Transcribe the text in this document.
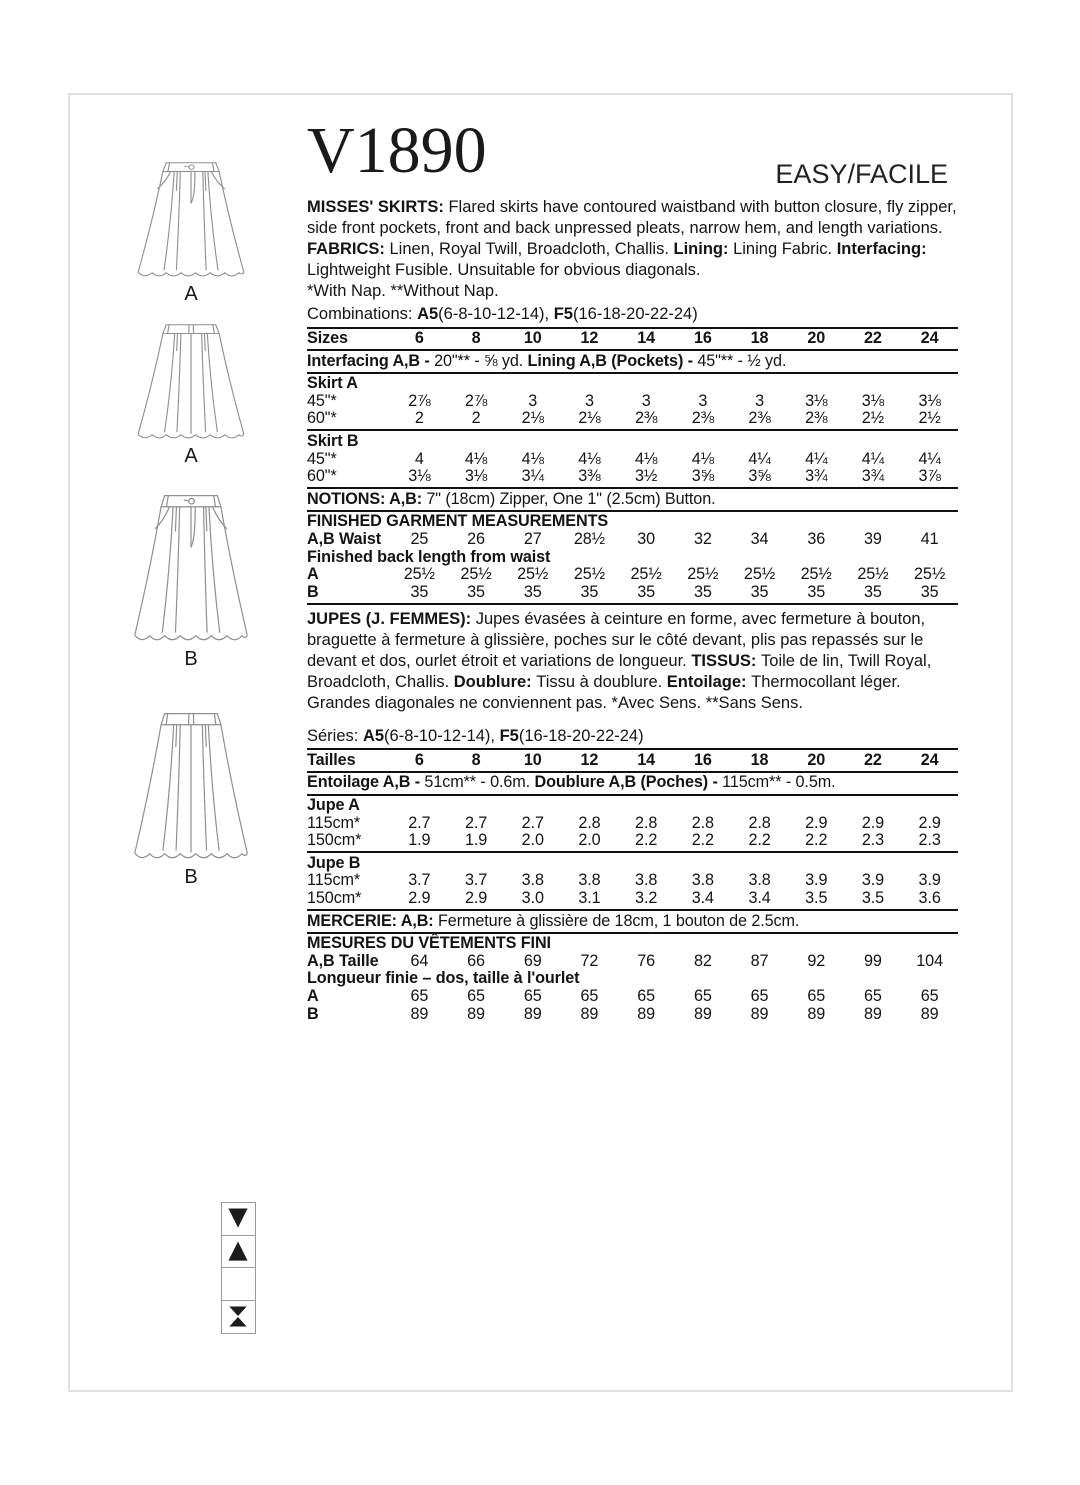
A
A
B
B
V1890	EASY/FACILE
MISSES' SKIRTS: Flared skirts have contoured waistband with button closure, fly zipper, side front pockets, front and back unpressed pleats, narrow hem, and length variations. FABRICS: Linen, Royal Twill, Broadcloth, Challis. Lining: Lining Fabric. Interfacing: Lightweight Fusible. Unsuitable for obvious diagonals.
*With Nap. **Without Nap.
Combinations: A5(6-8-10-12-14), F5(16-18-20-22-24)
Sizes	6	8	10	12	14	16	18	20	22	24
Interfacing A,B - 20"** - ⅝ yd. Lining A,B (Pockets) - 45"** - ½ yd.
Skirt A
45"*	2⅞	2⅞	3	3	3	3	3	3⅛	3⅛	3⅛
60"*	2	2	2⅛	2⅛	2⅜	2⅜	2⅜	2⅜	2½	2½
Skirt B
45"*	4	4⅛	4⅛	4⅛	4⅛	4⅛	4¼	4¼	4¼	4¼
60"*	3⅛	3⅛	3¼	3⅜	3½	3⅝	3⅝	3¾	3¾	3⅞
NOTIONS: A,B: 7" (18cm) Zipper, One 1" (2.5cm) Button.
FINISHED GARMENT MEASUREMENTS
A,B Waist	25	26	27	28½	30	32	34	36	39	41
Finished back length from waist
A	25½	25½	25½	25½	25½	25½	25½	25½	25½	25½
B	35	35	35	35	35	35	35	35	35	35
JUPES (J. FEMMES): Jupes évasées à ceinture en forme, avec fermeture à bouton, braguette à fermeture à glissière, poches sur le côté devant, plis pas repassés sur le devant et dos, ourlet étroit et variations de longueur. TISSUS: Toile de lin, Twill Royal, Broadcloth, Challis. Doublure: Tissu à doublure. Entoilage: Thermocollant léger. Grandes diagonales ne conviennent pas. *Avec Sens. **Sans Sens.
Séries: A5(6-8-10-12-14), F5(16-18-20-22-24)
Tailles	6	8	10	12	14	16	18	20	22	24
Entoilage A,B - 51cm** - 0.6m. Doublure A,B (Poches) - 115cm** - 0.5m.
Jupe A
115cm*	2.7	2.7	2.7	2.8	2.8	2.8	2.8	2.9	2.9	2.9
150cm*	1.9	1.9	2.0	2.0	2.2	2.2	2.2	2.2	2.3	2.3
Jupe B
115cm*	3.7	3.7	3.8	3.8	3.8	3.8	3.8	3.9	3.9	3.9
150cm*	2.9	2.9	3.0	3.1	3.2	3.4	3.4	3.5	3.5	3.6
MERCERIE: A,B: Fermeture à glissière de 18cm, 1 bouton de 2.5cm.
MESURES DU VÊTEMENTS FINI
A,B Taille	64	66	69	72	76	82	87	92	99	104
Longueur finie – dos, taille à l'ourlet
A	65	65	65	65	65	65	65	65	65	65
B	89	89	89	89	89	89	89	89	89	89
